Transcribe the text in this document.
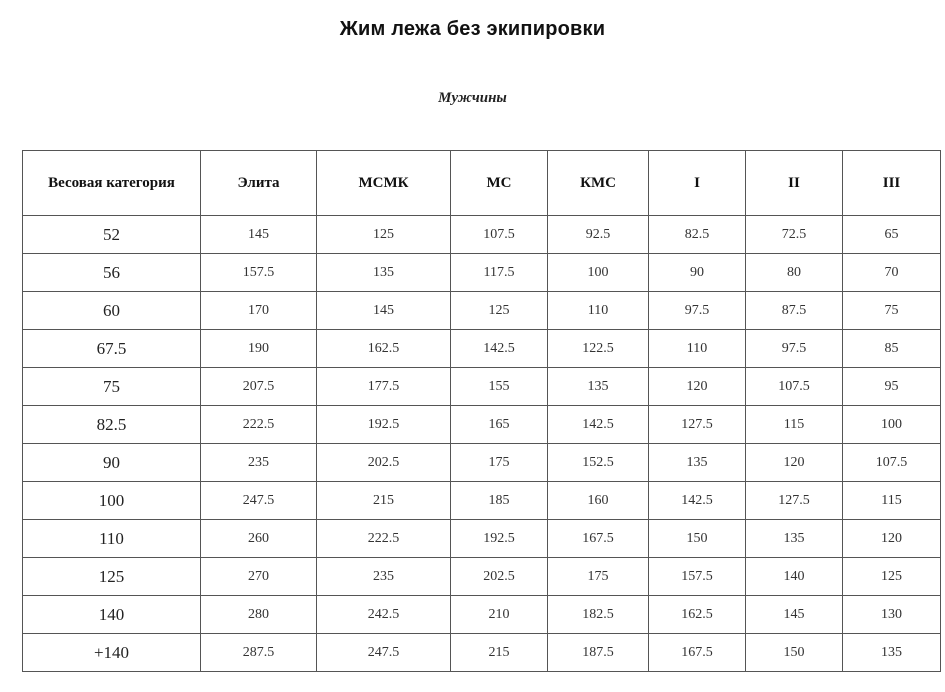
Жим лежа без экипировки
Мужчины
Весовая категория	Элита	МСМК	МС	КМС	I	II	III
52	145	125	107.5	92.5	82.5	72.5	65
56	157.5	135	117.5	100	90	80	70
60	170	145	125	110	97.5	87.5	75
67.5	190	162.5	142.5	122.5	110	97.5	85
75	207.5	177.5	155	135	120	107.5	95
82.5	222.5	192.5	165	142.5	127.5	115	100
90	235	202.5	175	152.5	135	120	107.5
100	247.5	215	185	160	142.5	127.5	115
110	260	222.5	192.5	167.5	150	135	120
125	270	235	202.5	175	157.5	140	125
140	280	242.5	210	182.5	162.5	145	130
+140	287.5	247.5	215	187.5	167.5	150	135
